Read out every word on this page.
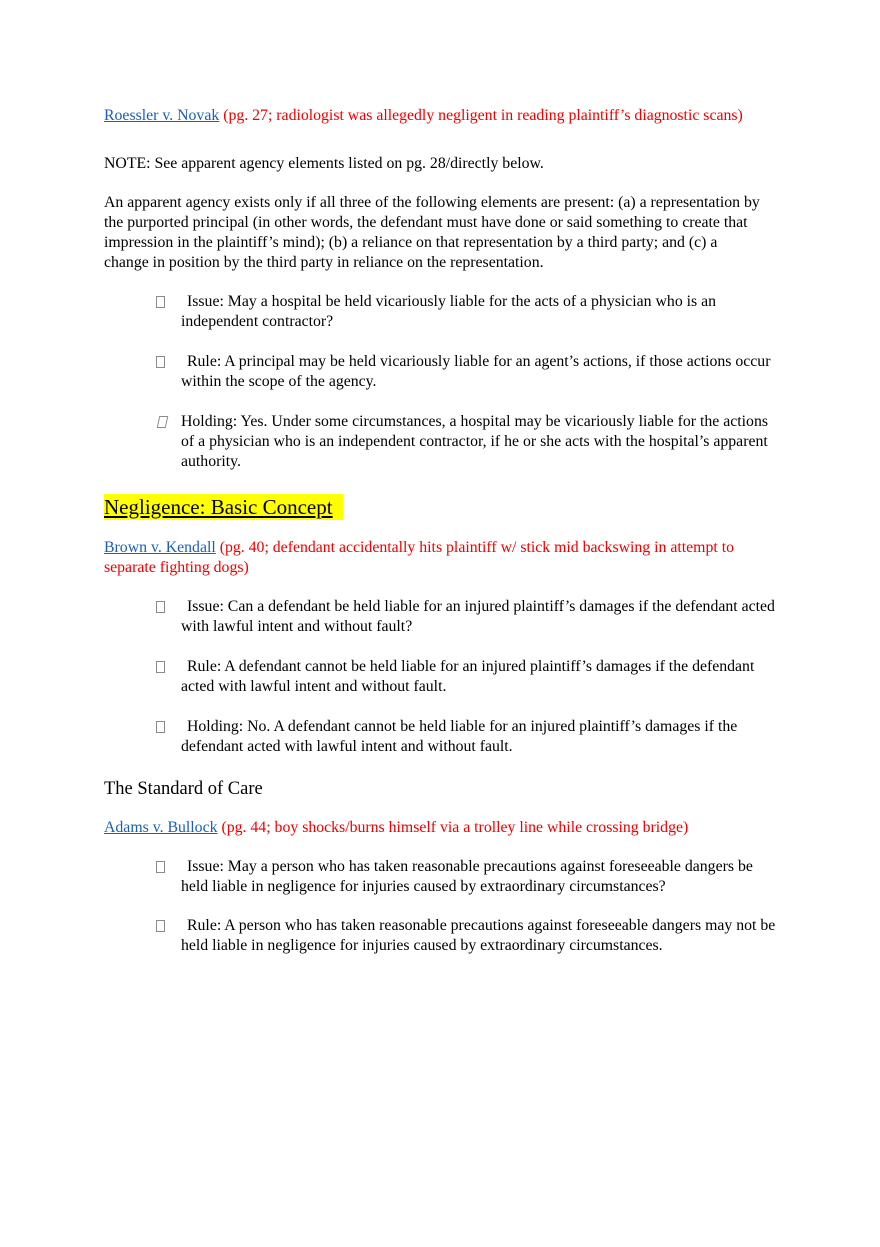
Roessler v. Novak (pg. 27; radiologist was allegedly negligent in reading plaintiff’s diagnostic scans)

NOTE: See apparent agency elements listed on pg. 28/directly below.

An apparent agency exists only if all three of the following elements are present: (a) a representation by the purported principal (in other words, the defendant must have done or said something to create that impression in the plaintiff’s mind); (b) a reliance on that representation by a third party; and (c) a change in position by the third party in reliance on the representation.

Issue: May a hospital be held vicariously liable for the acts of a physician who is an independent contractor?
Rule: A principal may be held vicariously liable for an agent’s actions, if those actions occur within the scope of the agency.
Holding: Yes. Under some circumstances, a hospital may be vicariously liable for the actions of a physician who is an independent contractor, if he or she acts with the hospital’s apparent authority.
Negligence: Basic Concept

Brown v. Kendall (pg. 40; defendant accidentally hits plaintiff w/ stick mid backswing in attempt to separate fighting dogs)

Issue: Can a defendant be held liable for an injured plaintiff’s damages if the defendant acted with lawful intent and without fault?
Rule: A defendant cannot be held liable for an injured plaintiff’s damages if the defendant acted with lawful intent and without fault.
Holding: No. A defendant cannot be held liable for an injured plaintiff’s damages if the defendant acted with lawful intent and without fault.

The Standard of Care

Adams v. Bullock (pg. 44; boy shocks/burns himself via a trolley line while crossing bridge)

Issue: May a person who has taken reasonable precautions against foreseeable dangers be held liable in negligence for injuries caused by extraordinary circumstances?
Rule: A person who has taken reasonable precautions against foreseeable dangers may not be held liable in negligence for injuries caused by extraordinary circumstances.
